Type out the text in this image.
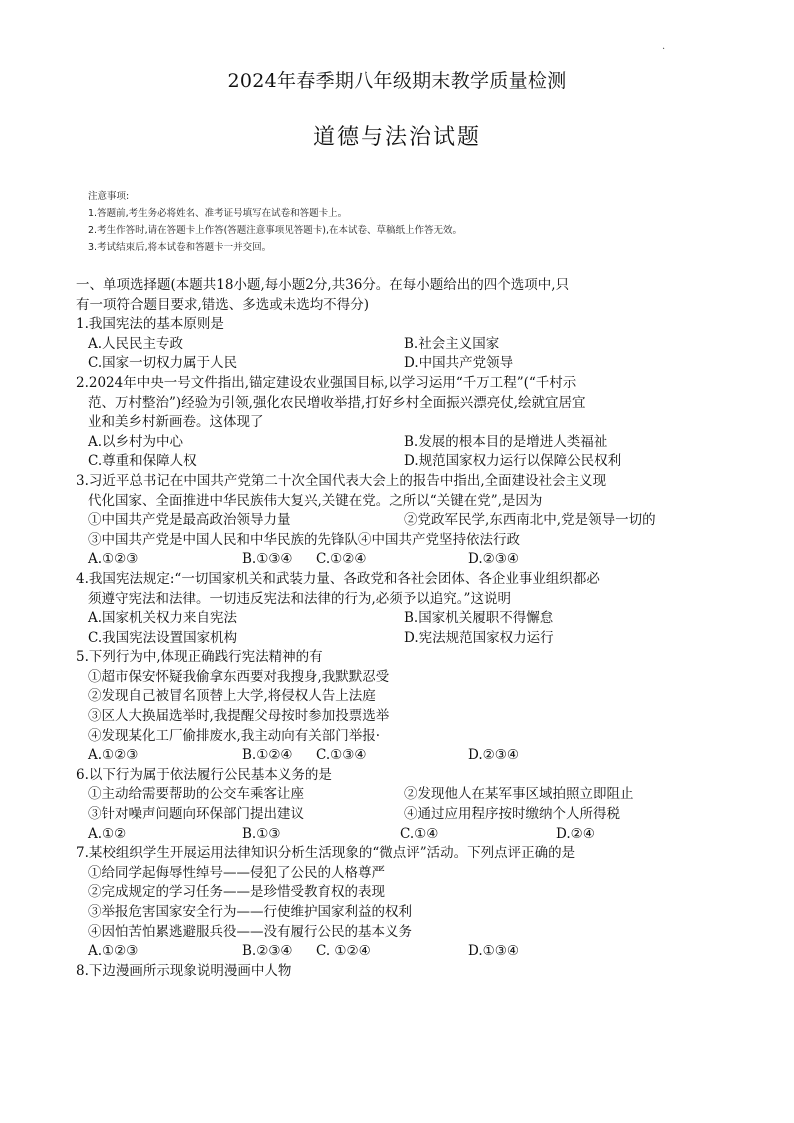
·
2024年春季期八年级期末教学质量检测
道德与法治试题
注意事项:
1.答题前,考生务必将姓名、准考证号填写在试卷和答题卡上。
2.考生作答时,请在答题卡上作答(答题注意事项见答题卡),在本试卷、草稿纸上作答无效。
3.考试结束后,将本试卷和答题卡一并交回。
一、单项选择题(本题共18小题,每小题2分,共36分。在每小题给出的四个选项中,只
有一项符合题目要求,错选、多选或未选均不得分)
1.我国宪法的基本原则是
A.人民民主专政	B.社会主义国家
C.国家一切权力属于人民	D.中国共产党领导
2.2024年中央一号文件指出,锚定建设农业强国目标,以学习运用“千万工程”(“千村示
范、万村整治”)经验为引领,强化农民增收举措,打好乡村全面振兴漂亮仗,绘就宜居宜
业和美乡村新画卷。这体现了
A.以乡村为中心	B.发展的根本目的是增进人类福祉
C.尊重和保障人权	D.规范国家权力运行以保障公民权利
3.习近平总书记在中国共产党第二十次全国代表大会上的报告中指出,全面建设社会主义现
代化国家、全面推进中华民族伟大复兴,关键在党。之所以“关键在党”,是因为
①中国共产党是最高政治领导力量	②党政军民学,东西南北中,党是领导一切的
③中国共产党是中国人民和中华民族的先锋队④中国共产党坚持依法行政
A.①②③	B.①③④ C.①②④	D.②③④
4.我国宪法规定:“一切国家机关和武装力量、各政党和各社会团体、各企业事业组织都必
须遵守宪法和法律。一切违反宪法和法律的行为,必须予以追究。”这说明
A.国家机关权力来自宪法	B.国家机关履职不得懈怠
C.我国宪法设置国家机构	D.宪法规范国家权力运行
5.下列行为中,体现正确践行宪法精神的有
①超市保安怀疑我偷拿东西要对我搜身,我默默忍受
②发现自己被冒名顶替上大学,将侵权人告上法庭
③区人大换届选举时,我提醒父母按时参加投票选举
④发现某化工厂偷排废水,我主动向有关部门举报·
A.①②③	B.①②④ C.①③④	D.②③④
6.以下行为属于依法履行公民基本义务的是
①主动给需要帮助的公交车乘客让座	②发现他人在某军事区域拍照立即阻止
③针对噪声问题向环保部门提出建议	④通过应用程序按时缴纳个人所得税
A.①②	B.①③	C.①④	D.②④
7.某校组织学生开展运用法律知识分析生活现象的“微点评”活动。下列点评正确的是
①给同学起侮辱性绰号——侵犯了公民的人格尊严
②完成规定的学习任务——是珍惜受教育权的表现
③举报危害国家安全行为——行使维护国家利益的权利
④因怕苦怕累逃避服兵役——没有履行公民的基本义务
A.①②③	B.②③④ C. ①②④	D.①③④
8.下边漫画所示现象说明漫画中人物
